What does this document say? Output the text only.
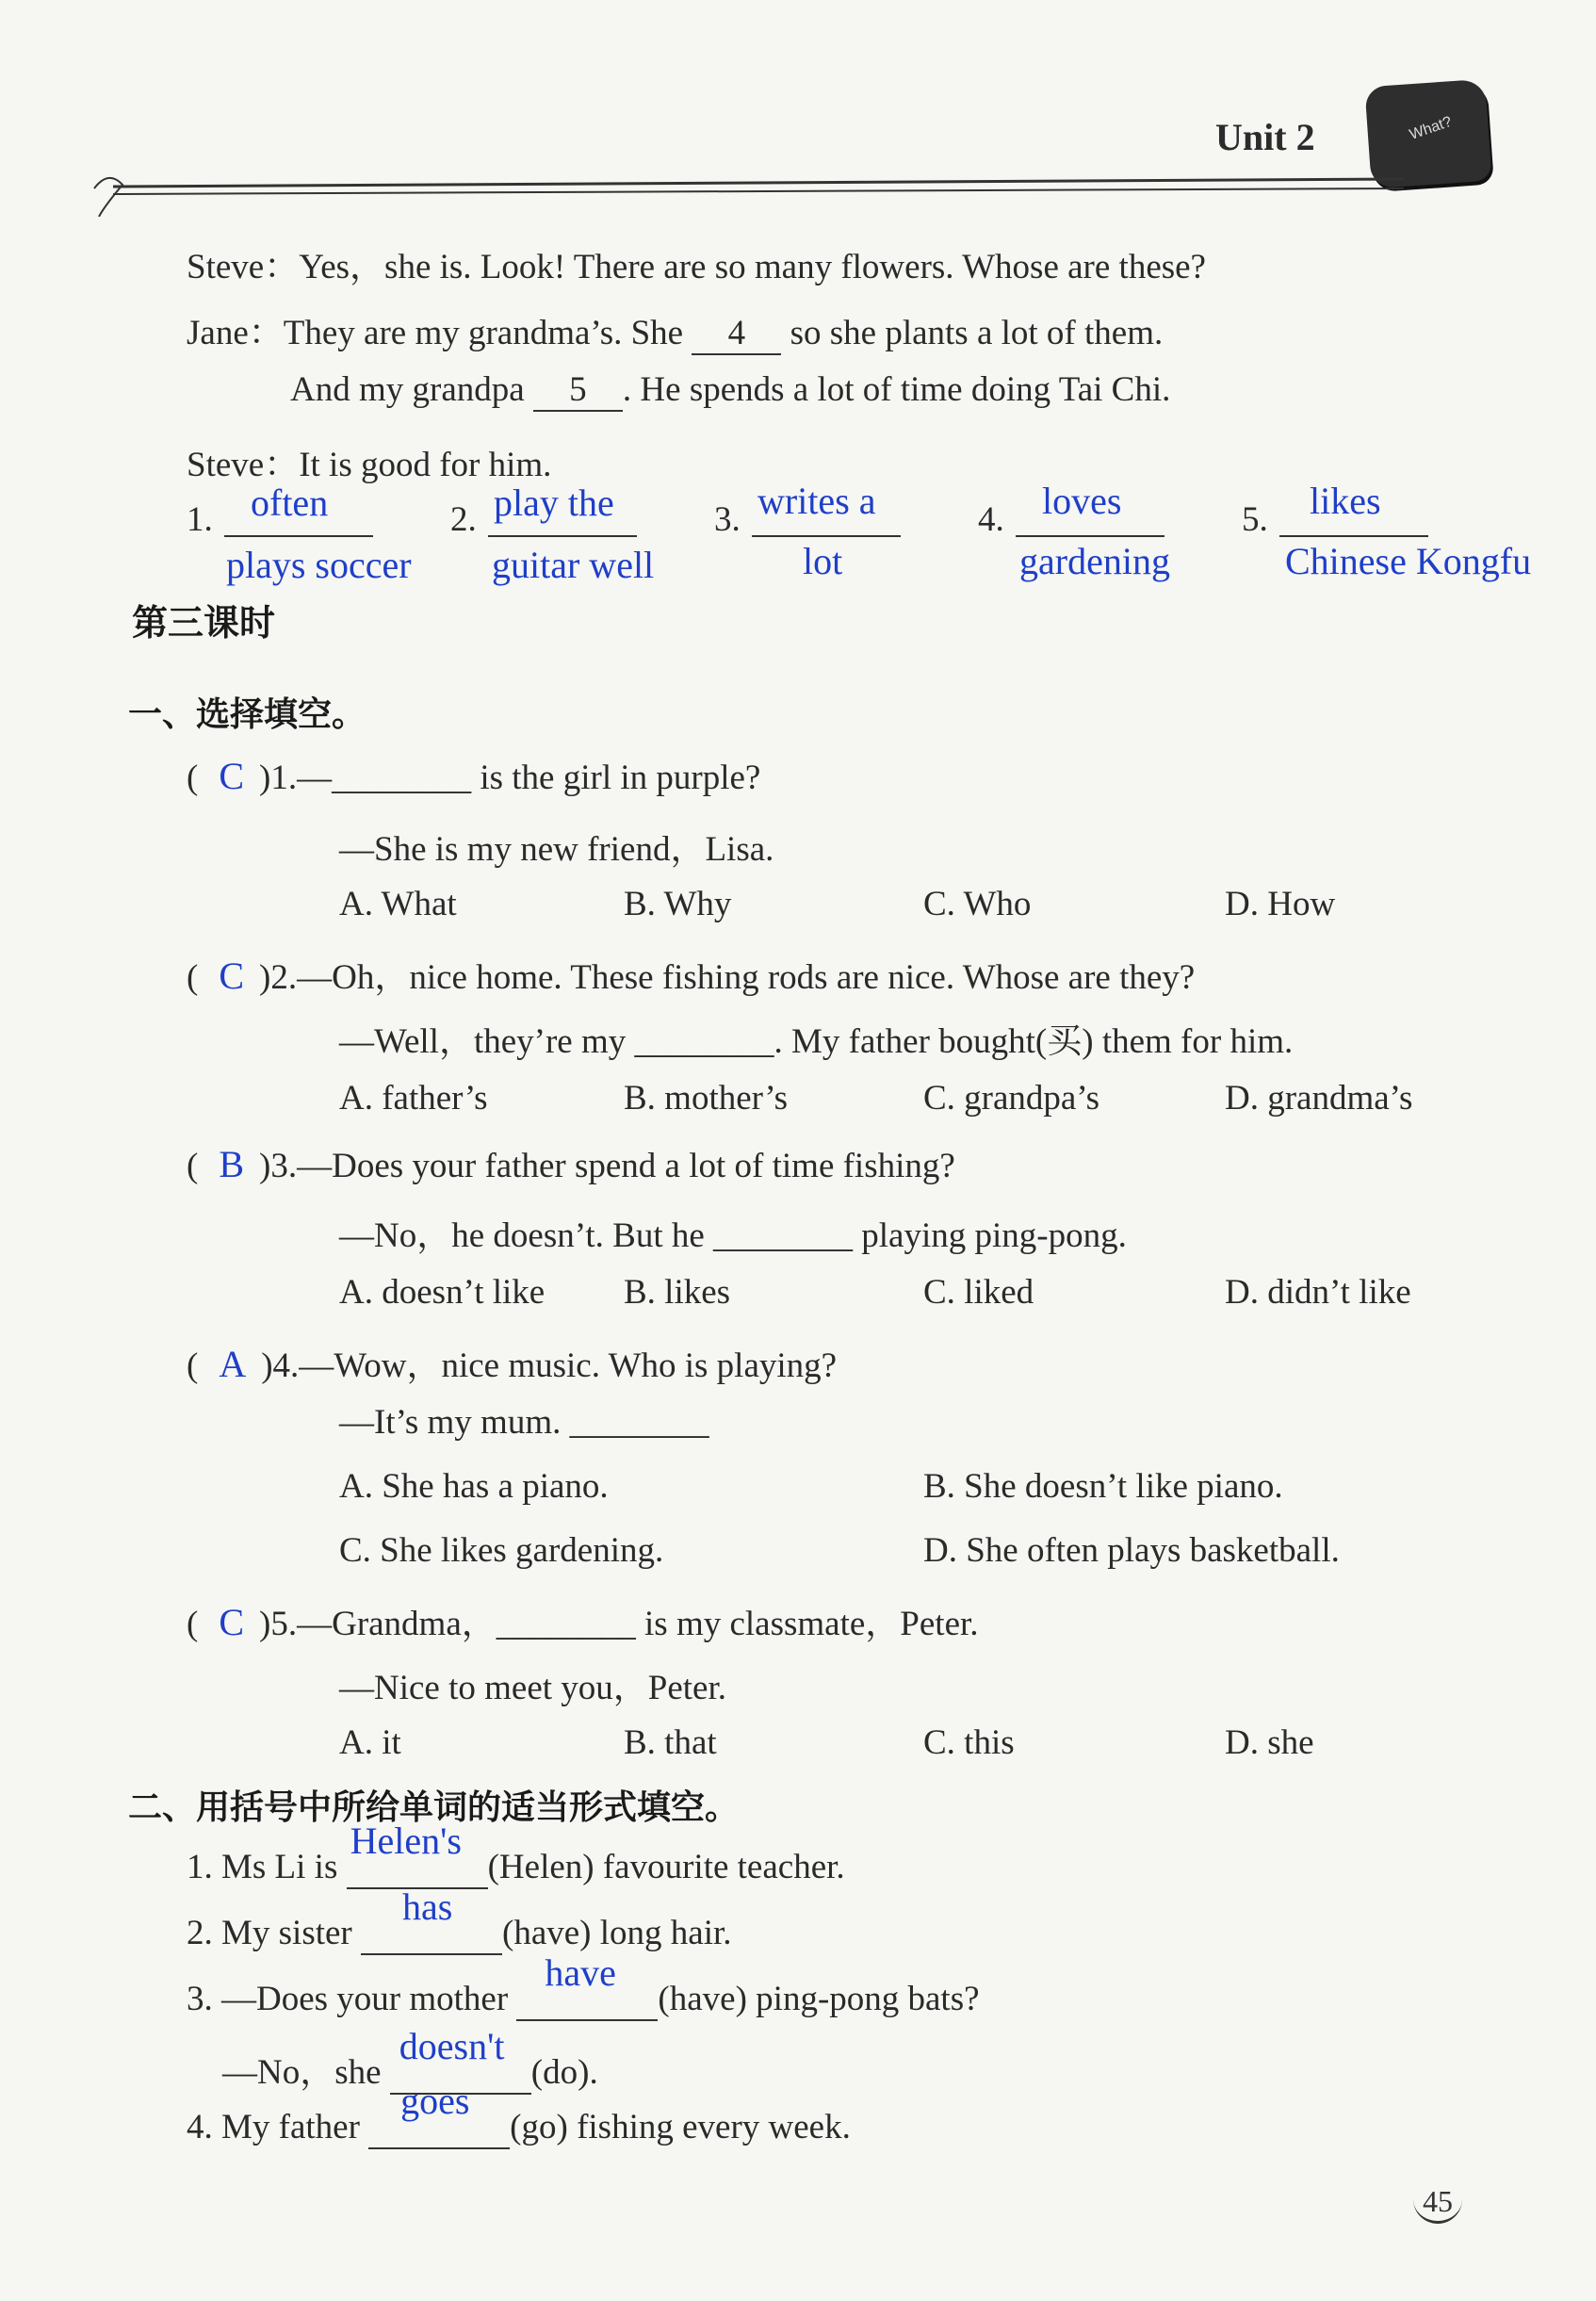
Unit 2	What?
Steve：Yes，she is. Look! There are so many flowers. Whose are these?
Jane：They are my grandma’s. She 4 so she plants a lot of them.
And my grandpa 5 . He spends a lot of time doing Tai Chi.
Steve：It is good for him.
1. often
plays soccer
2. play the
guitar well
3. writes a
lot
4. loves
gardening
5. likes
Chinese Kongfu
第三课时
一、选择填空。
( C )1.—________ is the girl in purple?
—She is my new friend，Lisa.
A. What	B. Why	C. Who	D. How
( C )2.—Oh，nice home. These fishing rods are nice. Whose are they?
—Well，they’re my ________. My father bought(买) them for him.
A. father’s	B. mother’s	C. grandpa’s	D. grandma’s
( B )3.—Does your father spend a lot of time fishing?
—No，he doesn’t. But he ________ playing ping-pong.
A. doesn’t like B. likes	C. liked	D. didn’t like
( A )4.—Wow，nice music. Who is playing?
—It’s my mum. ________
A. She has a piano.	B. She doesn’t like piano.
C. She likes gardening.	D. She often plays basketball.
( C )5.—Grandma，________ is my classmate，Peter.
—Nice to meet you，Peter.
A. it	B. that	C. this	D. she
二、用括号中所给单词的适当形式填空。
1. Ms Li is
Helen's
(Helen) favourite teacher.
2. My sister
has
(have) long hair.
3. —Does your mother
have
(have) ping-pong bats?
—No，she
doesn't
(do).
4. My father
goes
(go) fishing every week.
45
